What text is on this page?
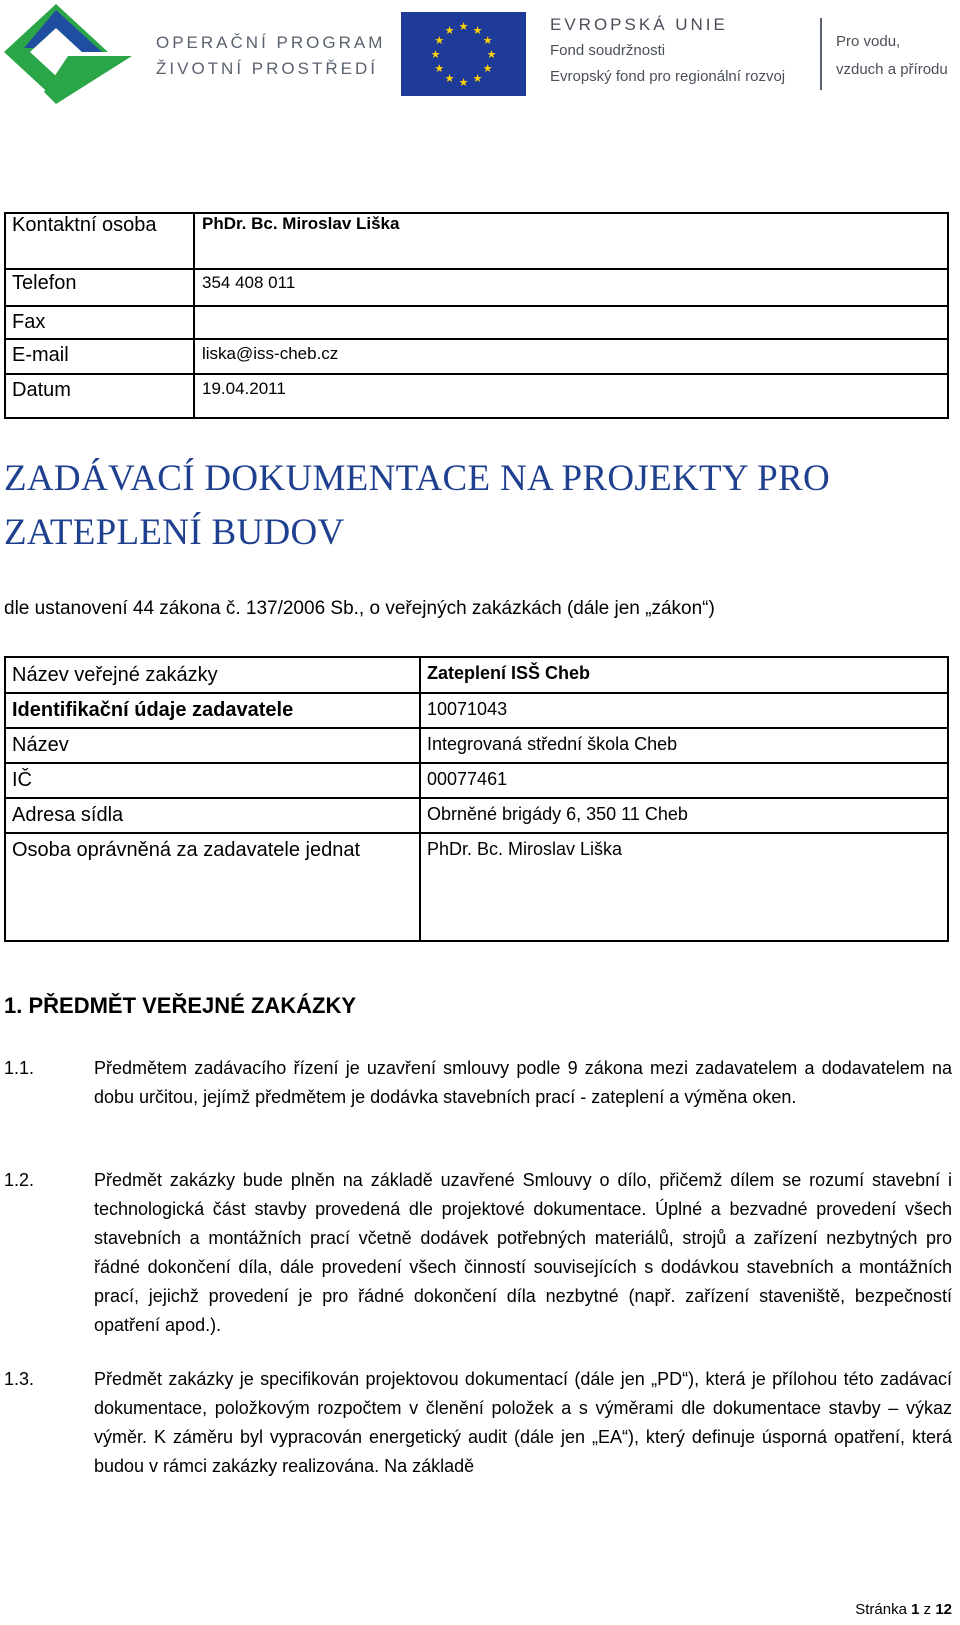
OPERAČNÍ PROGRAM
ŽIVOTNÍ PROSTŘEDÍ
★ ★
★
★
★
★
★
★
★
★
★
★	EVROPSKÁ UNIE
Fond soudržnosti
Evropský fond pro regionální rozvoj
Pro vodu,
vzduch a přírodu
Kontaktní osoba	PhDr. Bc. Miroslav Liška
Telefon	354 408 011
Fax
E-mail	liska@iss-cheb.cz
Datum	19.04.2011
ZADÁVACÍ DOKUMENTACE NA PROJEKTY PRO
ZATEPLENÍ BUDOV
dle ustanovení 44 zákona č. 137/2006 Sb., o veřejných zakázkách (dále jen „zákon“)
Název veřejné zakázky	Zateplení ISŠ Cheb
Identifikační údaje zadavatele	10071043
Název	Integrovaná střední škola Cheb
IČ	00077461
Adresa sídla	Obrněné brigády 6, 350 11 Cheb
Osoba oprávněná za zadavatele jednat	PhDr. Bc. Miroslav Liška
1. PŘEDMĚT VEŘEJNÉ ZAKÁZKY
1.1.	Předmětem zadávacího řízení je uzavření smlouvy podle 9 zákona mezi zadavatelem a dodavatelem na dobu určitou, jejímž předmětem je dodávka stavebních prací - zateplení a výměna oken.
1.2.	Předmět zakázky bude plněn na základě uzavřené Smlouvy o dílo, přičemž dílem se rozumí stavební i technologická část stavby provedená dle projektové dokumentace. Úplné a bezvadné provedení všech stavebních a montážních prací včetně dodávek potřebných materiálů, strojů a zařízení nezbytných pro řádné dokončení díla, dále provedení všech činností souvisejících s dodávkou stavebních a montážních prací, jejichž provedení je pro řádné dokončení díla nezbytné (např. zařízení staveniště, bezpečností opatření apod.).
1.3.	Předmět zakázky je specifikován projektovou dokumentací (dále jen „PD“), která je přílohou této zadávací dokumentace, položkovým rozpočtem v členění položek a s výměrami dle dokumentace stavby – výkaz výměr. K záměru byl vypracován energetický audit (dále jen „EA“), který definuje úsporná opatření, která budou v rámci zakázky realizována. Na základě
Stránka 1 z 12
